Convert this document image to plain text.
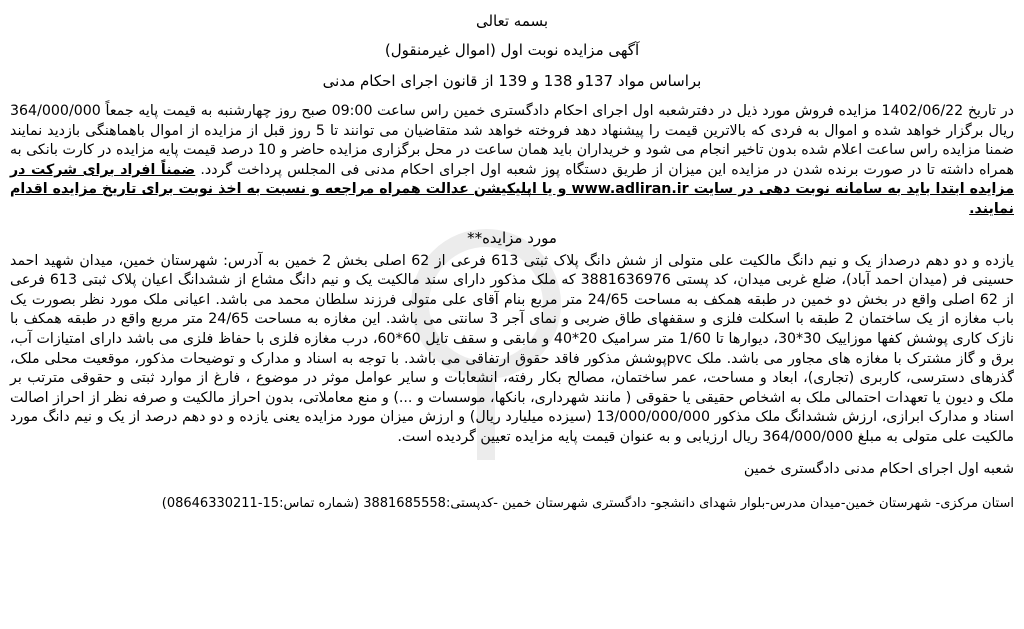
بسمه تعالی
آگهی مزایده نوبت اول (اموال غیرمنقول)
براساس مواد 137و 138 و 139 از قانون اجرای احکام مدنی
در تاریخ 1402/06/22 مزایده فروش مورد ذیل در دفترشعبه اول اجرای احکام دادگستری خمین راس ساعت 09:00 صبح روز چهارشنبه به قیمت پایه جمعاً 364/000/000 ریال برگزار خواهد شده و اموال به فردی که بالاترین قیمت را پیشنهاد دهد فروخته خواهد شد متقاضیان می توانند تا 5 روز قبل از مزایده از اموال باهماهنگی بازدید نمایند ضمنا مزایده راس ساعت اعلام شده بدون تاخیر انجام می شود و خریداران باید همان ساعت در محل برگزاری مزایده حاضر و 10 درصد قیمت پایه مزایده در کارت بانکی به همراه داشته تا در صورت برنده شدن در مزایده این میزان از طریق دستگاه پوز شعبه اول اجرای احکام مدنی فی المجلس پرداخت گردد. ضمناً افراد برای شرکت در مزایده ابتدا باید به سامانه نوبت دهی در سایت www.adliran.ir و یا اپلیکیشن عدالت همراه مراجعه و نسبت به اخذ نوبت برای تاریخ مزایده اقدام نمایند.
مورد مزایده**
یازده و دو دهم درصداز یک و نیم دانگ مالکیت علی متولی از شش دانگ پلاک ثبتی 613 فرعی از 62 اصلی بخش 2 خمین به آدرس: شهرستان خمین، میدان شهید احمد حسینی فر (میدان احمد آباد)، ضلع غربی میدان، کد پستی 3881636976 که ملک مذکور دارای سند مالکیت یک و نیم دانگ مشاع از ششدانگ اعیان پلاک ثبتی 613 فرعی از 62 اصلی واقع در بخش دو خمین در طبقه همکف به مساحت 24/65 متر مربع بنام آقای علی متولی فرزند سلطان محمد می باشد. اعیانی ملک مورد نظر بصورت یک باب مغازه از یک ساختمان 2 طبقه با اسکلت فلزی و سقفهای طاق ضربی و نمای آجر 3 سانتی می باشد. این مغازه به مساحت 24/65 متر مربع واقع در طبقه همکف با نازک کاری پوشش کفها موزاییک 30*30، دیوارها تا 1/60 متر سرامیک 20*40 و مابقی و سقف تایل 60*60، درب مغازه فلزی با حفاظ فلزی می باشد دارای امتیازات آب، برق و گاز مشترک با مغازه های مجاور می باشد. ملک pvcپوشش مذکور فاقد حقوق ارتفاقی می باشد. با توجه به اسناد و مدارک و توضیحات مذکور، موقعیت محلی ملک، گذرهای دسترسی، کاربری (تجاری)، ابعاد و مساحت، عمر ساختمان، مصالح بکار رفته، انشعابات و سایر عوامل موثر در موضوع ، فارغ از موارد ثبتی و حقوقی مترتب بر ملک و دیون یا تعهدات احتمالی ملک به اشخاص حقیقی یا حقوقی ( مانند شهرداری، بانکها، موسسات و ...) و منع معاملاتی، بدون احراز مالکیت و صرفه نظر از احراز اصالت اسناد و مدارک ابرازی، ارزش ششدانگ ملک مذکور 13/000/000/000 (سیزده میلیارد ریال) و ارزش میزان مورد مزایده یعنی یازده و دو دهم درصد از یک و نیم دانگ مورد مالکیت علی متولی به مبلغ 364/000/000 ریال ارزیابی و به عنوان قیمت پایه مزایده تعیین گردیده است.
شعبه اول اجرای احکام مدنی دادگستری خمین
استان مرکزی- شهرستان خمین-میدان مدرس-بلوار شهدای دانشجو- دادگستری شهرستان خمین -کدپستی:3881685558 (شماره تماس:15-08646330211)
